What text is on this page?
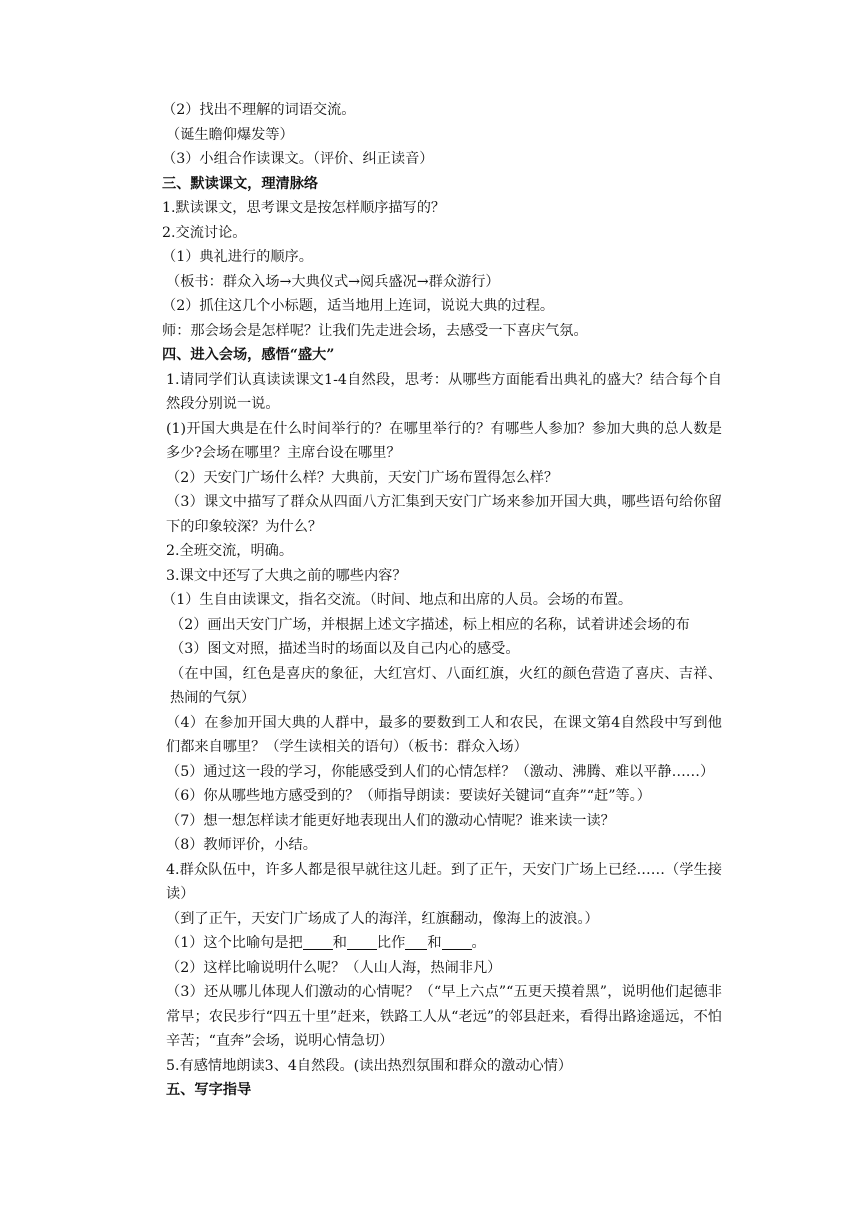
（2）找出不理解的词语交流。

（诞生瞻仰爆发等）

（3）小组合作读课文。（评价、纠正读音）

三、默读课文，理清脉络

1.默读课文，思考课文是按怎样顺序描写的？

2.交流讨论。

（1）典礼进行的顺序。

（板书：群众入场→大典仪式→阅兵盛况→群众游行）

（2）抓住这几个小标题，适当地用上连词，说说大典的过程。

师：那会场会是怎样呢？让我们先走进会场，去感受一下喜庆气氛。

四、进入会场，感悟“盛大”

1.请同学们认真读读课文1-4自然段，思考：从哪些方面能看出典礼的盛大？结合每个自然段分别说一说。

(1)开国大典是在什么时间举行的？在哪里举行的？有哪些人参加？参加大典的总人数是多少?会场在哪里？主席台设在哪里？

（2）天安门广场什么样？大典前，天安门广场布置得怎么样？

（3）课文中描写了群众从四面八方汇集到天安门广场来参加开国大典，哪些语句给你留下的印象较深？为什么？

2.全班交流，明确。

3.课文中还写了大典之前的哪些内容？

（1）生自由读课文，指名交流。（时间、地点和出席的人员。会场的布置。

（2）画出天安门广场，并根据上述文字描述，标上相应的名称，试着讲述会场的布

（3）图文对照，描述当时的场面以及自己内心的感受。

（在中国，红色是喜庆的象征，大红宫灯、八面红旗，火红的颜色营造了喜庆、吉祥、热闹的气氛）

（4）在参加开国大典的人群中，最多的要数到工人和农民，在课文第4自然段中写到他们都来自哪里？（学生读相关的语句）（板书：群众入场）

（5）通过这一段的学习，你能感受到人们的心情怎样？（激动、沸腾、难以平静……）

（6）你从哪些地方感受到的？（师指导朗读：要读好关键词“直奔”“赶”等。）

（7）想一想怎样读才能更好地表现出人们的激动心情呢？谁来读一读？

（8）教师评价，小结。

4.群众队伍中，许多人都是很早就往这儿赶。到了正午，天安门广场上已经……（学生接读）

（到了正午，天安门广场成了人的海洋，红旗翻动，像海上的波浪。）

（1）这个比喻句是把 和 比作 和 。

（2）这样比喻说明什么呢？（人山人海，热闹非凡）

（3）还从哪儿体现人们激动的心情呢？（“早上六点”“五更天摸着黑”，说明他们起德非常早；农民步行“四五十里”赶来，铁路工人从“老远”的邻县赶来，看得出路途遥远，不怕辛苦；“直奔”会场，说明心情急切）

5.有感情地朗读3、4自然段。(读出热烈氛围和群众的激动心情）

五、写字指导
